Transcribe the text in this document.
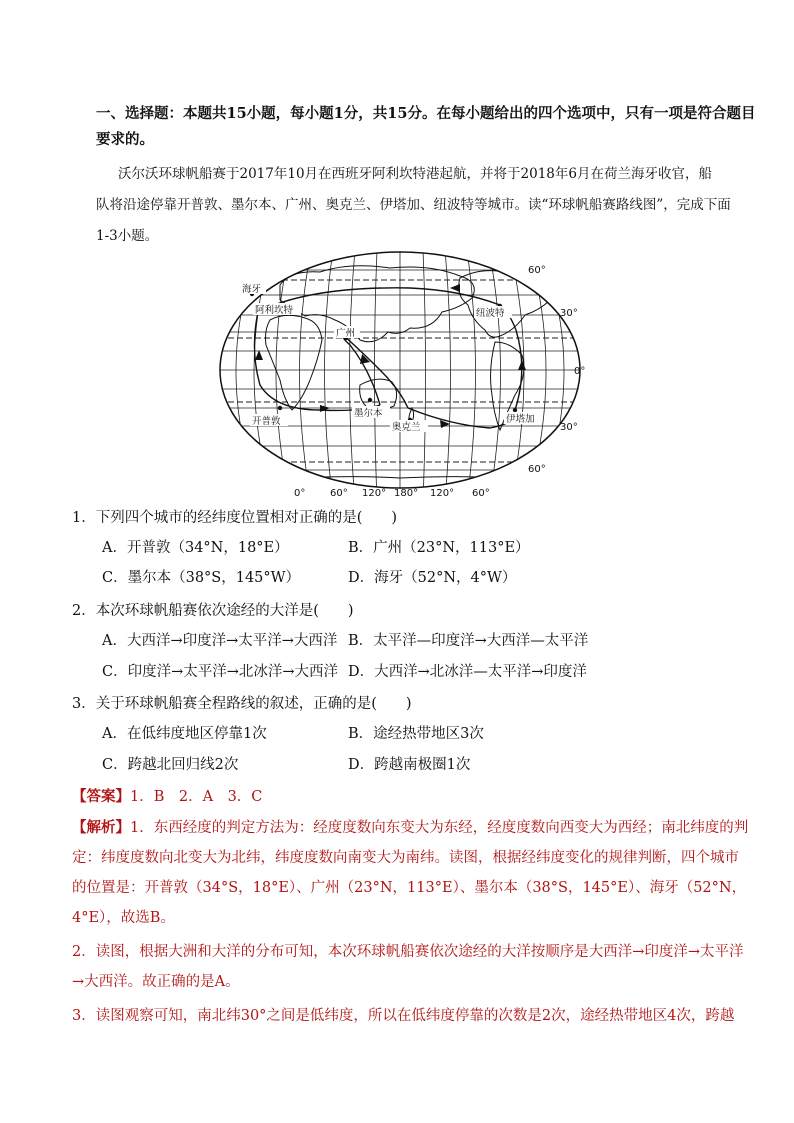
一、选择题：本题共15小题，每小题1分，共15分。在每小题给出的四个选项中，只有一项是符合题目
要求的。
沃尔沃环球帆船赛于2017年10月在西班牙阿利坎特港起航，并将于2018年6月在荷兰海牙收官，船
队将沿途停靠开普敦、墨尔本、广州、奥克兰、伊塔加、纽波特等城市。读“环球帆船赛路线图”，完成下面
1-3小题。
海牙
阿利坎特
广州
纽波特
开普敦
墨尔本
奥克兰
伊塔加
60°
30°
0°
30°
60°
0° 60° 120° 180° 120° 60°
1．下列四个城市的经纬度位置相对正确的是(　　)
A．开普敦（34°N，18°E）	B．广州（23°N，113°E）
C．墨尔本（38°S，145°W）	D．海牙（52°N，4°W）
2．本次环球帆船赛依次途经的大洋是(　　)
A．大西洋→印度洋→太平洋→大西洋 B．太平洋—印度洋→大西洋—太平洋
C．印度洋→太平洋→北冰洋→大西洋 D．大西洋→北冰洋—太平洋→印度洋
3．关于环球帆船赛全程路线的叙述，正确的是(　　)
A．在低纬度地区停靠1次	B．途经热带地区3次
C．跨越北回归线2次	D．跨越南极圈1次
【答案】1．B　2．A　3．C
【解析】1．东西经度的判定方法为：经度度数向东变大为东经，经度度数向西变大为西经；南北纬度的判
定：纬度度数向北变大为北纬，纬度度数向南变大为南纬。读图，根据经纬度变化的规律判断，四个城市
的位置是：开普敦（34°S，18°E）、广州（23°N，113°E）、墨尔本（38°S，145°E）、海牙（52°N，
4°E），故选B。
2．读图，根据大洲和大洋的分布可知，本次环球帆船赛依次途经的大洋按顺序是大西洋→印度洋→太平洋
→大西洋。故正确的是A。
3．读图观察可知，南北纬30°之间是低纬度，所以在低纬度停靠的次数是2次，途经热带地区4次，跨越
